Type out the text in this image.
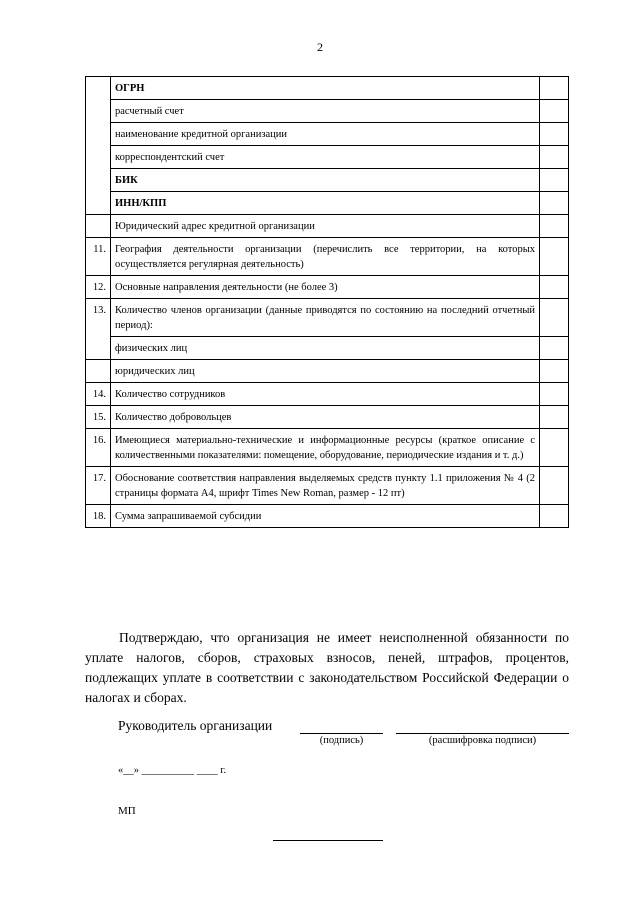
2
	ОГРН	
	расчетный счет	
	наименование кредитной организации	
	корреспондентский счет	
	БИК	
	ИНН/КПП	
	Юридический адрес кредитной организации	
11.	География деятельности организации (перечислить все территории, на которых осуществляется регулярная деятельность)	
12.	Основные направления деятельности (не более 3)	
13.	Количество членов организации (данные приводятся по состоянию на последний отчетный период):	
	физических лиц	
	юридических лиц	
14.	Количество сотрудников	
15.	Количество добровольцев	
16.	Имеющиеся материально-технические и информационные ресурсы (краткое описание с количественными показателями: помещение, оборудование, периодические издания и т. д.)	
17.	Обоснование соответствия направления выделяемых средств пункту 1.1 приложения № 4 (2 страницы формата А4, шрифт Times New Roman, размер - 12 пт)	
18.	Сумма запрашиваемой субсидии	

Подтверждаю, что организация не имеет неисполненной обязанности по уплате налогов, сборов, страховых взносов, пеней, штрафов, процентов, подлежащих уплате в соответствии с законодательством Российской Федерации о налогах и сборах.

Руководитель организации
(подпись)	(расшифровка подписи)
«__» __________ ____ г.
МП
